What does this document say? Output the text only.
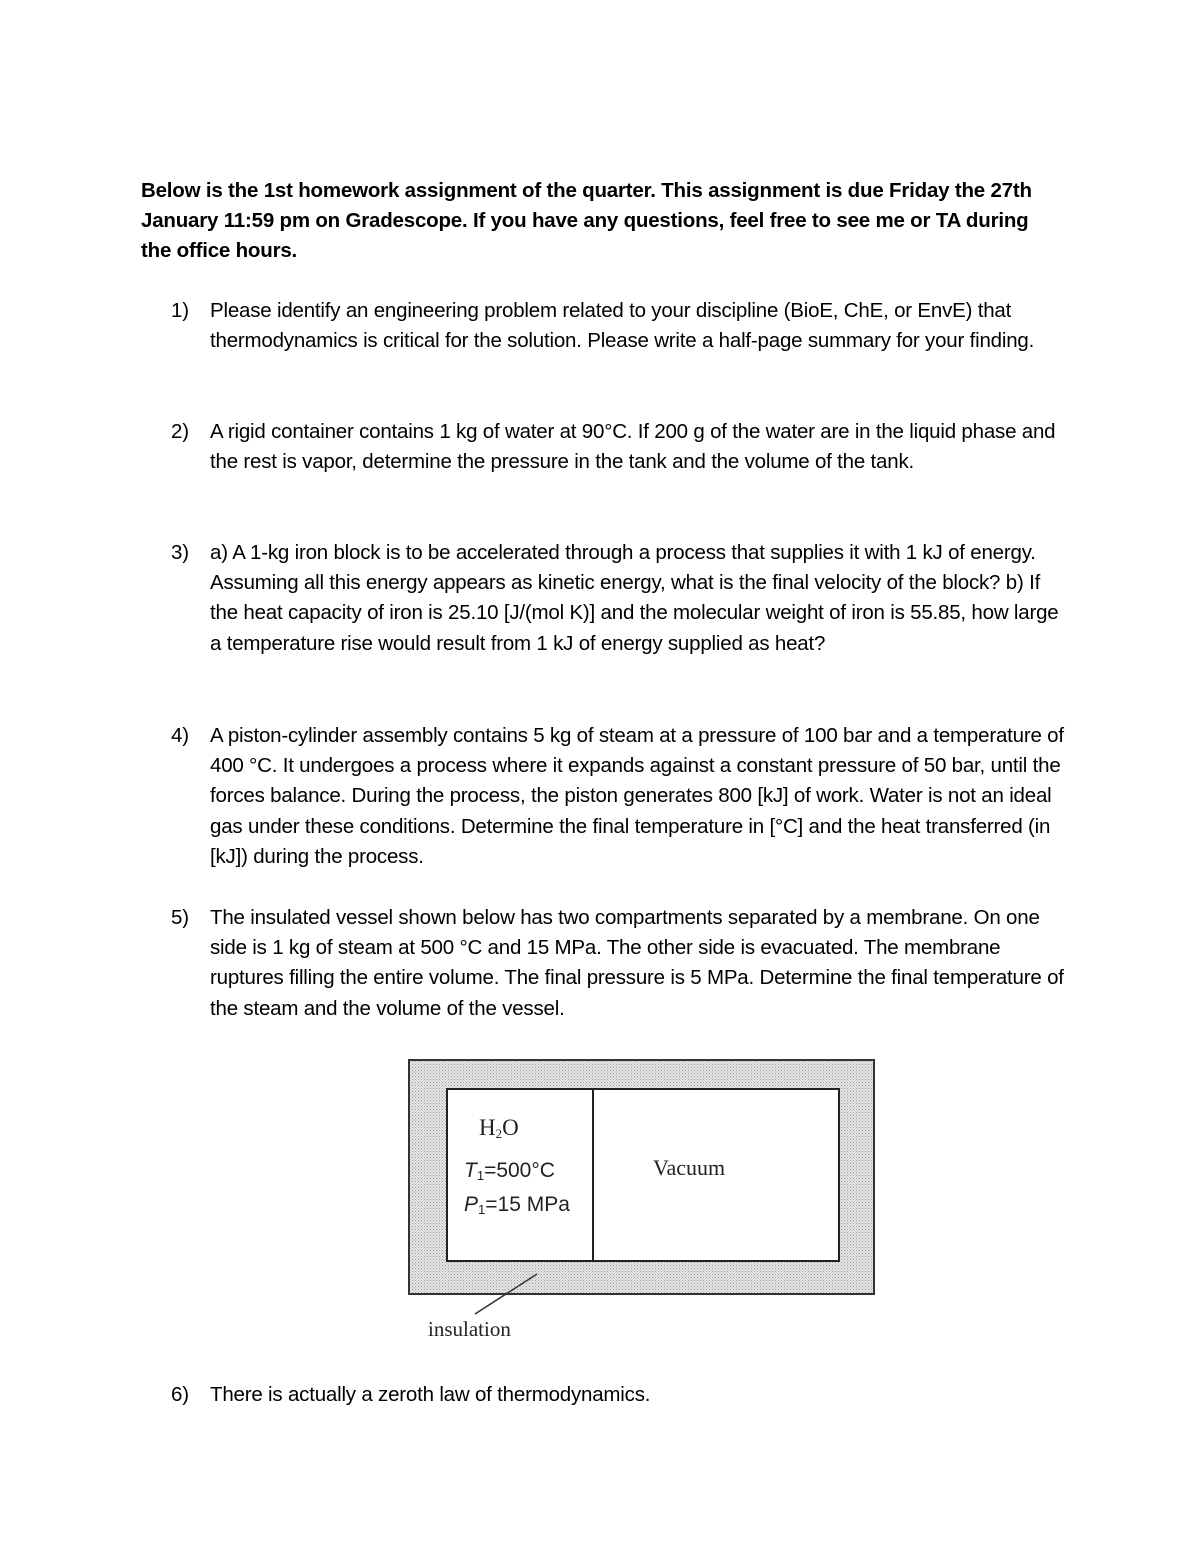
Below is the 1st homework assignment of the quarter. This assignment is due Friday the 27th January 11:59 pm on Gradescope. If you have any questions, feel free to see me or TA during the office hours.
1) Please identify an engineering problem related to your discipline (BioE, ChE, or EnvE) that thermodynamics is critical for the solution. Please write a half-page summary for your finding.
2) A rigid container contains 1 kg of water at 90°C. If 200 g of the water are in the liquid phase and the rest is vapor, determine the pressure in the tank and the volume of the tank.
3) a) A 1-kg iron block is to be accelerated through a process that supplies it with 1 kJ of energy. Assuming all this energy appears as kinetic energy, what is the final velocity of the block? b) If the heat capacity of iron is 25.10 [J/(mol K)] and the molecular weight of iron is 55.85, how large a temperature rise would result from 1 kJ of energy supplied as heat?
4) A piston-cylinder assembly contains 5 kg of steam at a pressure of 100 bar and a temperature of 400 °C. It undergoes a process where it expands against a constant pressure of 50 bar, until the forces balance. During the process, the piston generates 800 [kJ] of work. Water is not an ideal gas under these conditions. Determine the final temperature in [°C] and the heat transferred (in [kJ]) during the process.
5) The insulated vessel shown below has two compartments separated by a membrane. On one side is 1 kg of steam at 500 °C and 15 MPa. The other side is evacuated. The membrane ruptures filling the entire volume. The final pressure is 5 MPa. Determine the final temperature of the steam and the volume of the vessel.
$H_2O$
$T_1=500^\circ C$
$P_1=15$ MPa
Vacuum
insulation
6) There is actually a zeroth law of thermodynamics.
